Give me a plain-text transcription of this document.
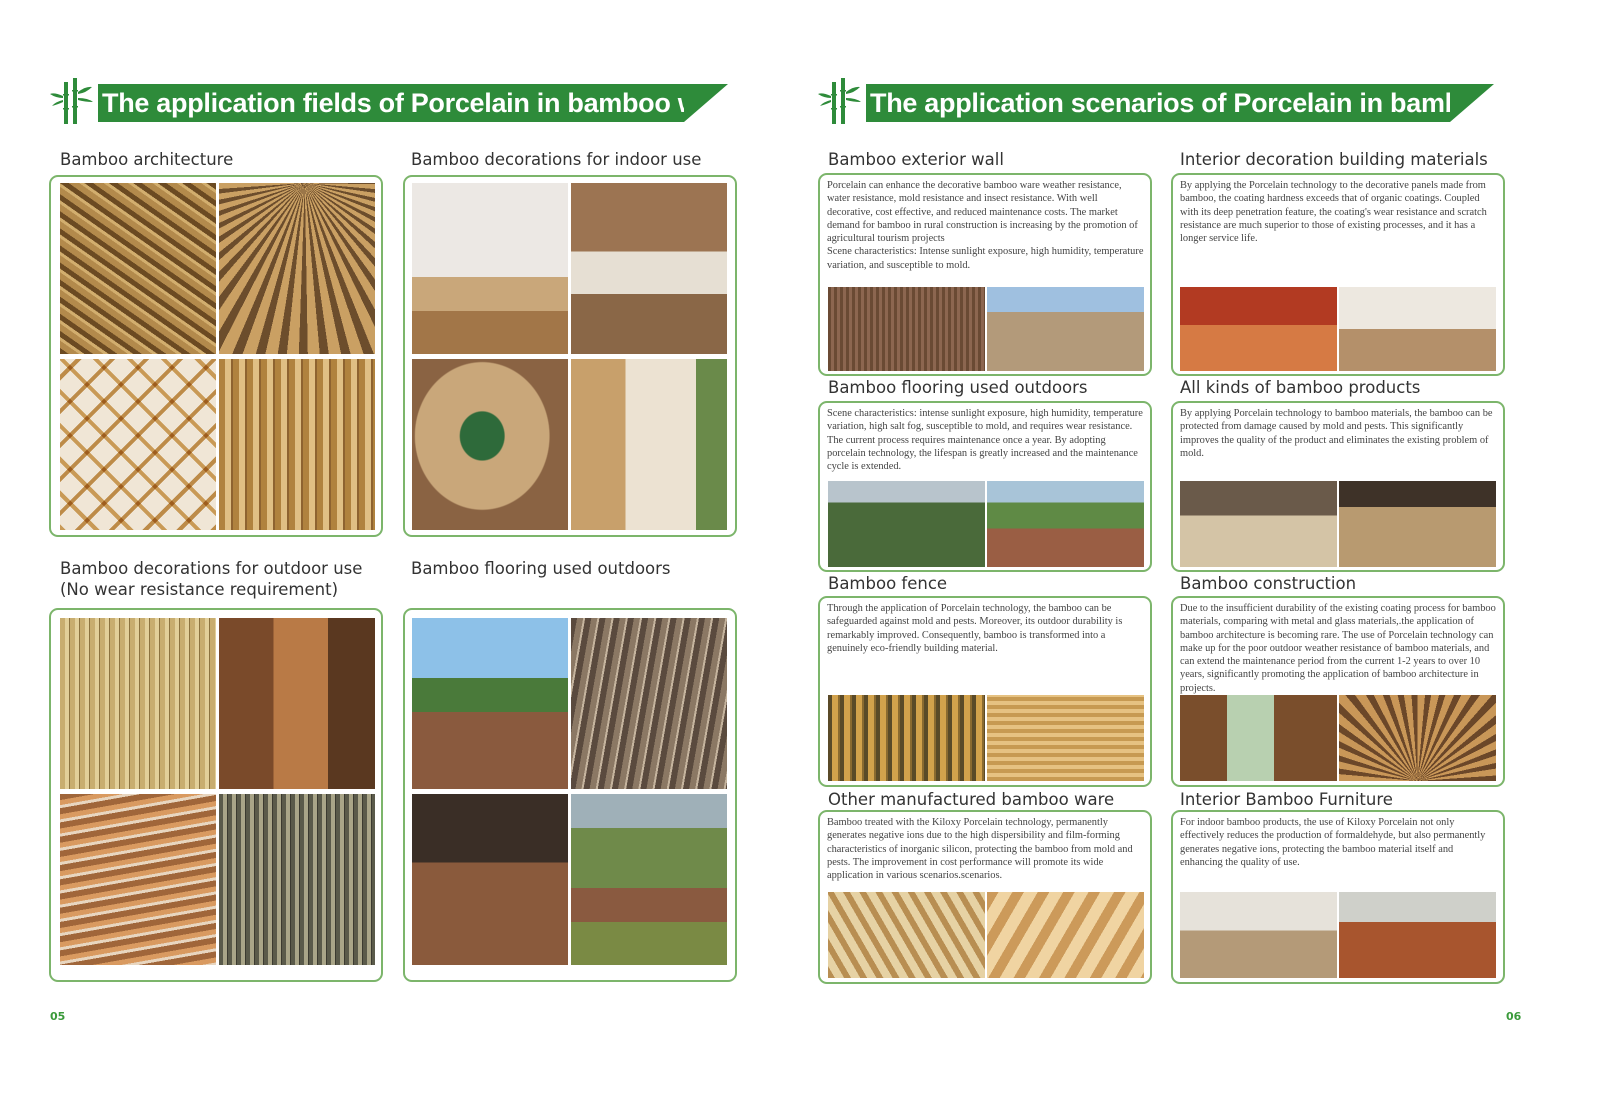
The application fields of Porcelain in bamboo ware.
Bamboo architecture	Bamboo decorations for indoor use
Bamboo decorations for outdoor use
(No wear resistance requirement)
Bamboo flooring used outdoors
05
The application scenarios of Porcelain in bamboo ware
Bamboo exterior wall
Porcelain can enhance the decorative bamboo ware weather resistance, water resistance, mold resistance and insect resistance. With well decorative, cost effective, and reduced maintenance costs. The market demand for bamboo in rural construction is increasing by the promotion of agricultural tourism projects
Scene characteristics: Intense sunlight exposure, high humidity, temperature variation, and susceptible to mold.
Interior decoration building materials
By applying the Porcelain technology to the decorative panels made from bamboo, the coating hardness exceeds that of organic coatings. Coupled with its deep penetration feature, the coating's wear resistance and scratch resistance are much superior to those of existing processes, and it has a longer service life.
Bamboo flooring used outdoors
Scene characteristics: intense sunlight exposure, high humidity, temperature variation, high salt fog, susceptible to mold, and requires wear resistance. The current process requires maintenance once a year. By adopting porcelain technology, the lifespan is greatly increased and the maintenance cycle is extended.
All kinds of bamboo products
By applying Porcelain technology to bamboo materials, the bamboo can be protected from damage caused by mold and pests. This significantly improves the quality of the product and eliminates the existing problem of mold.
Bamboo fence
Through the application of Porcelain technology, the bamboo can be safeguarded against mold and pests. Moreover, its outdoor durability is remarkably improved. Consequently, bamboo is transformed into a genuinely eco-friendly building material.
Bamboo construction
Due to the insufficient durability of the existing coating process for bamboo materials, comparing with metal and glass materials,.the application of bamboo architecture is becoming rare. The use of Porcelain technology can make up for the poor outdoor weather resistance of bamboo materials, and can extend the maintenance period from the current 1-2 years to over 10 years, significantly promoting the application of bamboo architecture in projects.
Other manufactured bamboo ware
Bamboo treated with the Kiloxy Porcelain technology, permanently generates negative ions due to the high dispersibility and film-forming characteristics of inorganic silicon, protecting the bamboo from mold and pests. The improvement in cost performance will promote its wide application in various scenarios.scenarios.
Interior Bamboo Furniture
For indoor bamboo products, the use of Kiloxy Porcelain not only effectively reduces the production of formaldehyde, but also permanently generates negative ions, protecting the bamboo material itself and enhancing the quality of use.
06
